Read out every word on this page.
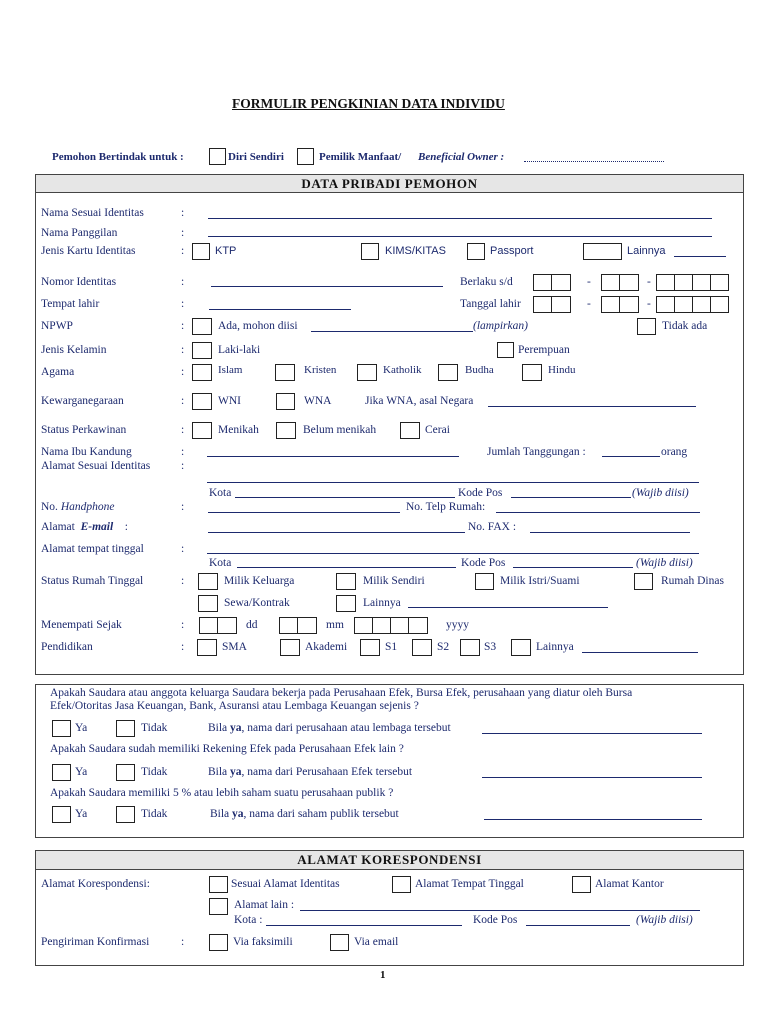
FORMULIR PENGKINIAN DATA INDIVIDU
Pemohon Bertindak untuk :	Diri Sendiri	Pemilik Manfaat/ Beneficial Owner :
DATA PRIBADI PEMOHON
Nama Sesuai Identitas	:
Nama Panggilan	:
Jenis Kartu Identitas	:	KTP	KIMS/KITAS	Passport	Lainnya
Nomor Identitas	:	Berlaku s/d	-	-
Tempat lahir	:	Tanggal lahir	-	-
NPWP	:	Ada, mohon diisi	(lampirkan)	Tidak ada
Jenis Kelamin	:	Laki-laki	Perempuan
Agama	:	Islam	Kristen	Katholik	Budha	Hindu
Kewarganegaraan	:	WNI	WNA	Jika WNA, asal Negara
Status Perkawinan	:	Menikah	Belum menikah	Cerai
Nama Ibu Kandung	:	Jumlah Tanggungan :	orang
Alamat Sesuai Identitas	:
Kota	Kode Pos	(Wajib diisi)
No. Handphone	:	No. Telp Rumah:
Alamat E-mail :	No. FAX :
Alamat tempat tinggal	:
Kota	Kode Pos	(Wajib diisi)
Status Rumah Tinggal	:	Milik Keluarga	Milik Sendiri	Milik Istri/Suami	Rumah Dinas
Sewa/Kontrak	Lainnya
Menempati Sejak	:	dd	mm	yyyy
Pendidikan	:	SMA	Akademi	S1	S2	S3	Lainnya
Apakah Saudara atau anggota keluarga Saudara bekerja pada Perusahaan Efek, Bursa Efek, perusahaan yang diatur oleh Bursa
Efek/Otoritas Jasa Keuangan, Bank, Asuransi atau Lembaga Keuangan sejenis ?
Ya	Tidak	Bila ya, nama dari perusahaan atau lembaga tersebut
Apakah Saudara sudah memiliki Rekening Efek pada Perusahaan Efek lain ?
Ya	Tidak	Bila ya, nama dari Perusahaan Efek tersebut
Apakah Saudara memiliki 5 % atau lebih saham suatu perusahaan publik ?
Ya	Tidak	Bila ya, nama dari saham publik tersebut
ALAMAT KORESPONDENSI
Alamat Korespondensi:	Sesuai Alamat Identitas	Alamat Tempat Tinggal	Alamat Kantor
Alamat lain :
Kota :	Kode Pos	(Wajib diisi)
Pengiriman Konfirmasi	:	Via faksimili	Via email
1
